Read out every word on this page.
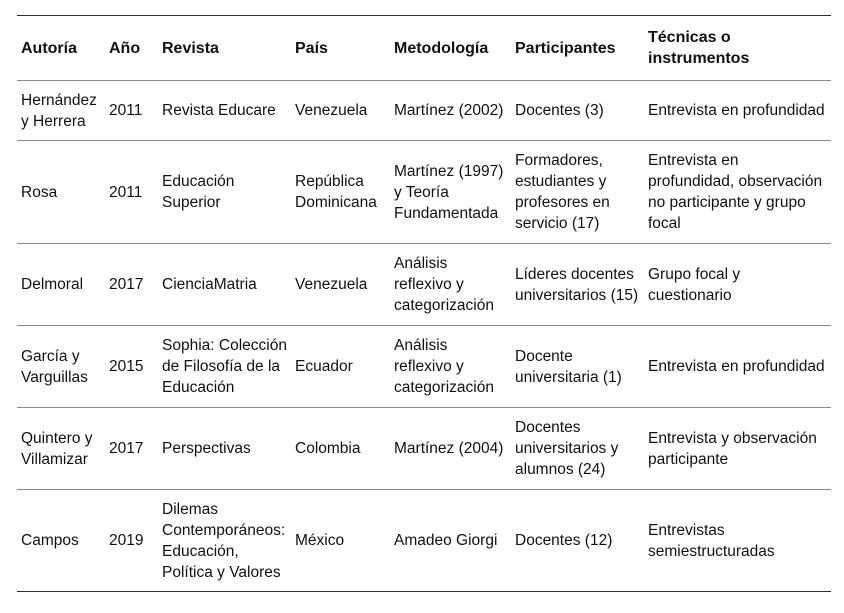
Autoría	Año	Revista	País	Metodología	Participantes	Técnicas o instrumentos
Hernández y Herrera	2011	Revista Educare	Venezuela	Martínez (2002)	Docentes (3)	Entrevista en profundidad
Rosa	2011	Educación Superior	República Dominicana	Martínez (1997) y Teoría Fundamentada	Formadores, estudiantes y profesores en servicio (17)	Entrevista en profundidad, observación no participante y grupo focal
Delmoral	2017	CienciaMatria	Venezuela	Análisis reflexivo y categorización	Líderes docentes universitarios (15)	Grupo focal y cuestionario
García y Varguillas	2015	Sophia: Colección de Filosofía de la Educación	Ecuador	Análisis reflexivo y categorización	Docente universitaria (1)	Entrevista en profundidad
Quintero y Villamizar	2017	Perspectivas	Colombia	Martínez (2004)	Docentes universitarios y alumnos (24)	Entrevista y observación participante
Campos	2019	Dilemas Contemporáneos: Educación, Política y Valores	México	Amadeo Giorgi	Docentes (12)	Entrevistas semiestructuradas
